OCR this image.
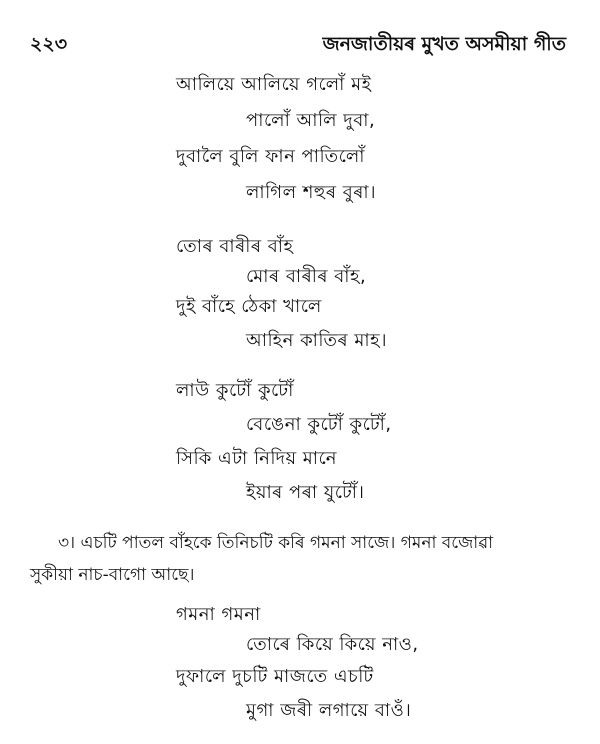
২২৩	জনজাতীয়ৰ মুখত অসমীয়া গীত
আলিয়ে আলিয়ে গলোঁ মই
পালোঁ আলি দুবা,
দুবালৈ বুলি ফান পাতিলোঁ
লাগিল শহুৰ বুৰা।
তোৰ বাৰীৰ বাঁহ
মোৰ বাৰীৰ বাঁহ,
দুই বাঁহে ঠেকা খালে
আহিন কাতিৰ মাহ।
লাউ কুটোঁ কুটোঁ
বেঙেনা কুটোঁ কুটোঁ,
সিকি এটা নিদিয় মানে
ইয়াৰ পৰা যুটোঁ।
৩। এচটি পাতল বাঁহকে তিনিচটি কৰি গমনা সাজে। গমনা বজোৱা
সুকীয়া নাচ-বাগো আছে।
গমনা গমনা
তোৰে কিয়ে কিয়ে নাও,
দুফালে দুচটি মাজতে এচটি
মুগা জৰী লগায়ে বাওঁ।
